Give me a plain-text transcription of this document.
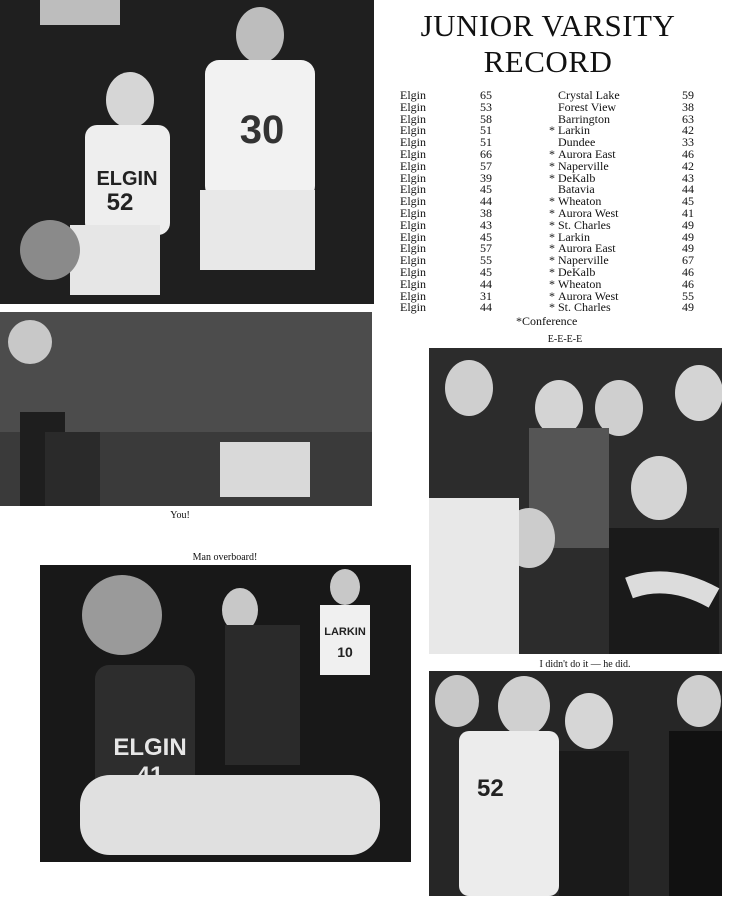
ELGIN
52
30
JUNIOR VARSITY
RECORD
Elgin	65	Crystal Lake	59
Elgin	53	Forest View	38
Elgin	58	Barrington	63
Elgin	51	* Larkin	42
Elgin	51	Dundee	33
Elgin	66	* Aurora East	46
Elgin	57	* Naperville	42
Elgin	39	* DeKalb	43
Elgin	45	Batavia	44
Elgin	44	* Wheaton	45
Elgin	38	* Aurora West	41
Elgin	43	* St. Charles	49
Elgin	45	* Larkin	49
Elgin	57	* Aurora East	49
Elgin	55	* Naperville	67
Elgin	45	* DeKalb	46
Elgin	44	* Wheaton	46
Elgin	31	* Aurora West	55
Elgin	44	* St. Charles	49
*Conference
You!
E-E-E-E
Man overboard!
ELGIN
LARKIN
10
I didn't do it — he did.
52
